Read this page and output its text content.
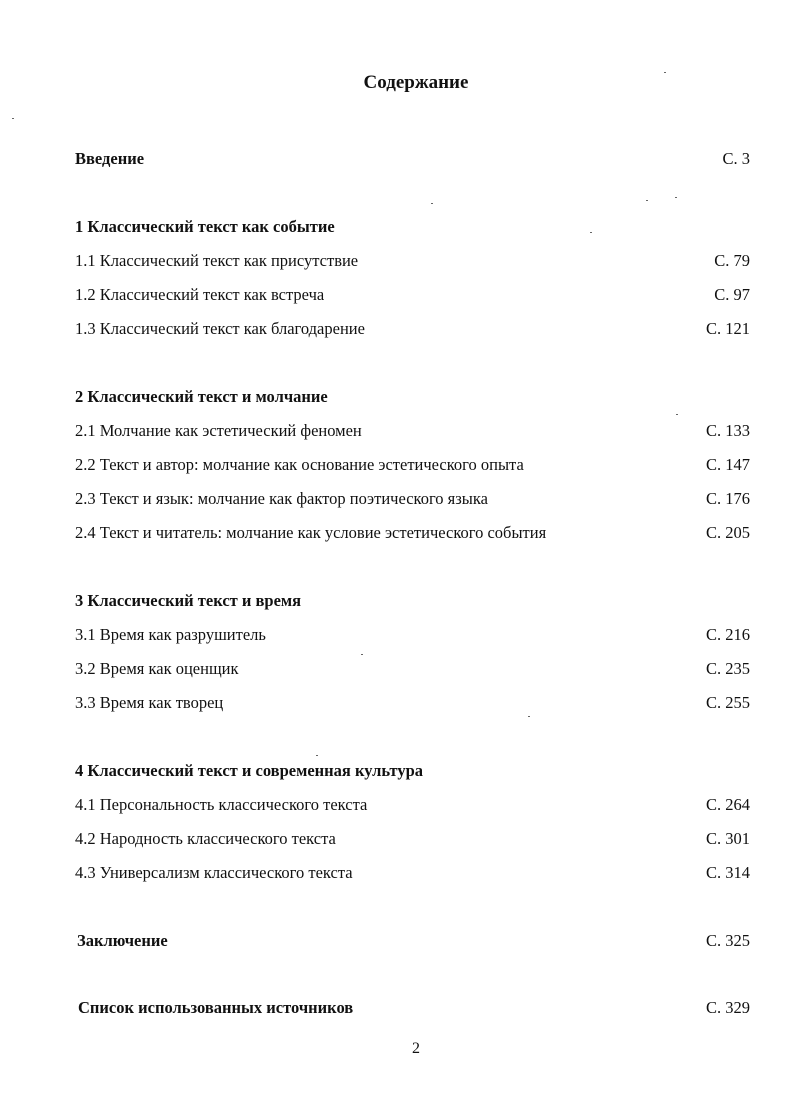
Содержание
Введение	С. 3
1 Классический текст как событие
1.1 Классический текст как присутствие	С. 79
1.2 Классический текст как встреча	С. 97
1.3 Классический текст как благодарение	С. 121
2 Классический текст и молчание
2.1 Молчание как эстетический феномен	С. 133
2.2 Текст и автор: молчание как основание эстетического опыта	С. 147
2.3 Текст и язык: молчание как фактор поэтического языка	С. 176
2.4 Текст и читатель: молчание как условие эстетического события	С. 205
3 Классический текст и время
3.1 Время как разрушитель	С. 216
3.2 Время как оценщик	С. 235
3.3 Время как творец	С. 255
4 Классический текст и современная культура
4.1 Персональность классического текста	С. 264
4.2 Народность классического текста	С. 301
4.3 Универсализм классического текста	С. 314
Заключение	С. 325
Список использованных источников	С. 329
2
